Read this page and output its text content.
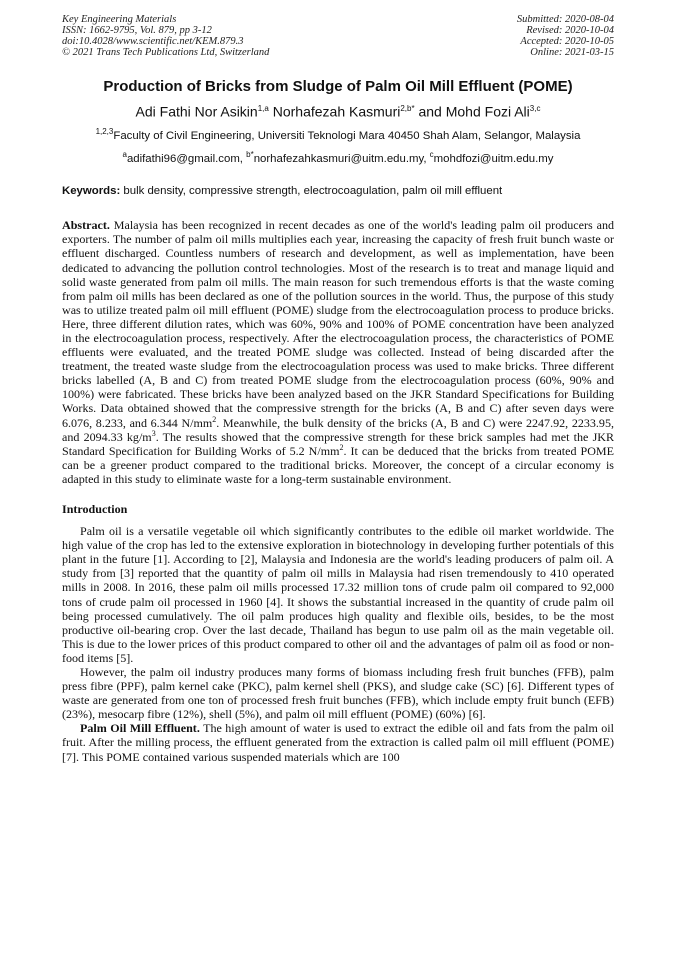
Key Engineering Materials
ISSN: 1662-9795, Vol. 879, pp 3-12
doi:10.4028/www.scientific.net/KEM.879.3
© 2021 Trans Tech Publications Ltd, Switzerland
Submitted: 2020-08-04
Revised: 2020-10-04
Accepted: 2020-10-05
Online: 2021-03-15
Production of Bricks from Sludge of Palm Oil Mill Effluent (POME)
Adi Fathi Nor Asikin$^{1,a}$ Norhafezah Kasmuri$^{2,b*}$ and Mohd Fozi Ali$^{3,c}$
$^{1,2,3}$Faculty of Civil Engineering, Universiti Teknologi Mara 40450 Shah Alam, Selangor, Malaysia
$^a$adifathi96@gmail.com, $^{b*}$norhafezahkasmuri@uitm.edu.my, $^c$mohdfozi@uitm.edu.my
Keywords: bulk density, compressive strength, electrocoagulation, palm oil mill effluent
Abstract. Malaysia has been recognized in recent decades as one of the world's leading palm oil producers and exporters. The number of palm oil mills multiplies each year, increasing the capacity of fresh fruit bunch waste or effluent discharged. Countless numbers of research and development, as well as implementation, have been dedicated to advancing the pollution control technologies. Most of the research is to treat and manage liquid and solid waste generated from palm oil mills. The main reason for such tremendous efforts is that the waste coming from palm oil mills has been declared as one of the pollution sources in the world. Thus, the purpose of this study was to utilize treated palm oil mill effluent (POME) sludge from the electrocoagulation process to produce bricks. Here, three different dilution rates, which was 60%, 90% and 100% of POME concentration have been analyzed in the electrocoagulation process, respectively. After the electrocoagulation process, the characteristics of POME effluents were evaluated, and the treated POME sludge was collected. Instead of being discarded after the treatment, the treated waste sludge from the electrocoagulation process was used to make bricks. Three different bricks labelled (A, B and C) from treated POME sludge from the electrocoagulation process (60%, 90% and 100%) were fabricated. These bricks have been analyzed based on the JKR Standard Specifications for Building Works. Data obtained showed that the compressive strength for the bricks (A, B and C) after seven days were 6.076, 8.233, and 6.344 $N/mm^2$. Meanwhile, the bulk density of the bricks (A, B and C) were 2247.92, 2233.95, and 2094.33 $kg/m^3$. The results showed that the compressive strength for these brick samples had met the JKR Standard Specification for Building Works of 5.2 $N/mm^2$. It can be deduced that the bricks from treated POME can be a greener product compared to the traditional bricks. Moreover, the concept of a circular economy is adapted in this study to eliminate waste for a long-term sustainable environment.
Introduction
Palm oil is a versatile vegetable oil which significantly contributes to the edible oil market worldwide. The high value of the crop has led to the extensive exploration in biotechnology in developing further potentials of this plant in the future [1]. According to [2], Malaysia and Indonesia are the world's leading producers of palm oil. A study from [3] reported that the quantity of palm oil mills in Malaysia had risen tremendously to 410 operated mills in 2008. In 2016, these palm oil mills processed 17.32 million tons of crude palm oil compared to 92,000 tons of crude palm oil processed in 1960 [4]. It shows the substantial increased in the quantity of crude palm oil being processed cumulatively. The oil palm produces high quality and flexible oils, besides, to be the most productive oil-bearing crop. Over the last decade, Thailand has begun to use palm oil as the main vegetable oil. This is due to the lower prices of this product compared to other oil and the advantages of palm oil as food or non-food items [5].
However, the palm oil industry produces many forms of biomass including fresh fruit bunches (FFB), palm press fibre (PPF), palm kernel cake (PKC), palm kernel shell (PKS), and sludge cake (SC) [6]. Different types of waste are generated from one ton of processed fresh fruit bunches (FFB), which include empty fruit bunch (EFB) (23%), mesocarp fibre (12%), shell (5%), and palm oil mill effluent (POME) (60%) [6].
Palm Oil Mill Effluent. The high amount of water is used to extract the edible oil and fats from the palm oil fruit. After the milling process, the effluent generated from the extraction is called palm oil mill effluent (POME) [7]. This POME contained various suspended materials which are 100
